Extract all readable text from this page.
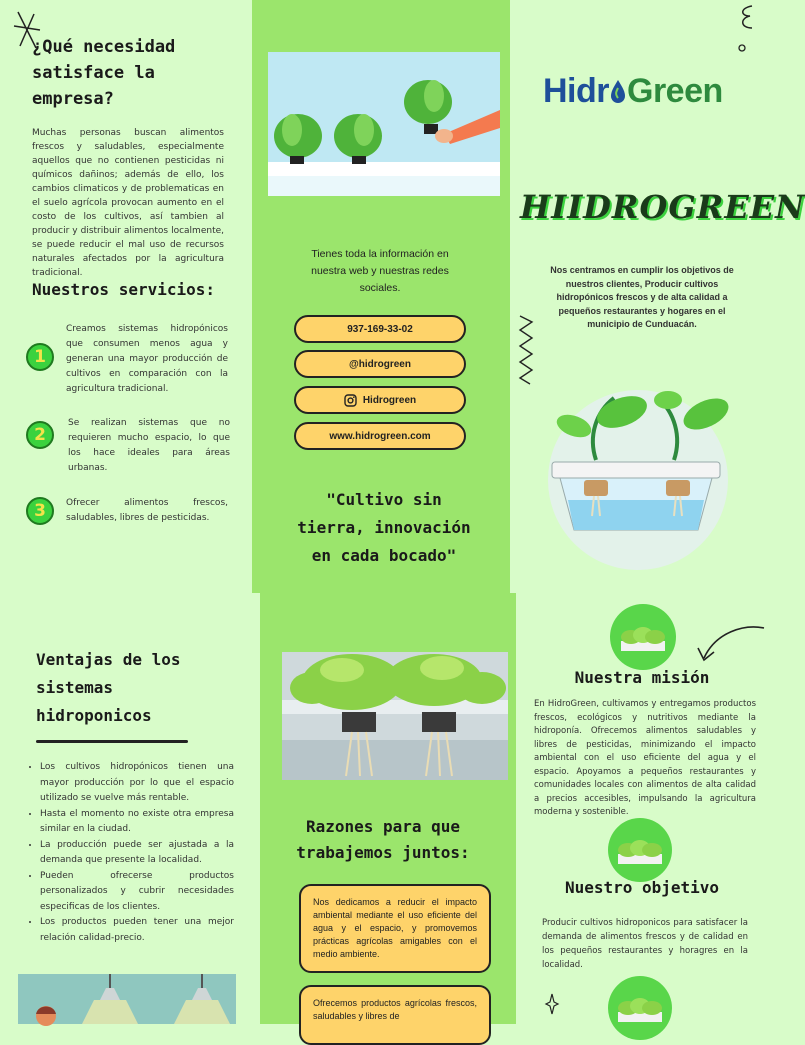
¿Qué necesidad satisface la empresa?
Muchas personas buscan alimentos frescos y saludables, especialmente aquellos que no contienen pesticidas ni químicos dañinos; además de ello, los cambios climaticos y de problematicas en el suelo agrícola provocan aumento en el costo de los cultivos, así tambien al producir y distribuir alimentos localmente, se puede reducir el mal uso de recursos naturales afectados por la agricultura tradicional.
Nuestros servicios:
1
Creamos sistemas hidropónicos que consumen menos agua y generan una mayor producción de cultivos en comparación con la agricultura tradicional.
2
Se realizan sistemas que no requieren mucho espacio, lo que los hace ideales para áreas urbanas.
3	Ofrecer alimentos frescos, saludables, libres de pesticidas.
Tienes toda la información en nuestra web y nuestras redes sociales.
937-169-33-02
@hidrogreen
Hidrogreen
www.hidrogreen.com
"Cultivo sin tierra, innovación en cada bocado"
Hidr Green
HIIDROGREEN
Nos centramos en cumplir los objetivos de nuestros clientes, Producir cultivos hidropónicos frescos y de alta calidad a pequeños restaurantes y hogares en el municipio de Cunduacán.
Ventajas de los sistemas hidroponicos
• Los cultivos hidropónicos tienen una mayor producción por lo que el espacio utilizado se vuelve más rentable.
• Hasta el momento no existe otra empresa similar en la ciudad.
• La producción puede ser ajustada a la demanda que presente la localidad.
• Pueden ofrecerse productos personalizados y cubrir necesidades especificas de los clientes.
• Los productos pueden tener una mejor relación calidad-precio.
Razones para que trabajemos juntos:
Nos dedicamos a reducir el impacto ambiental mediante el uso eficiente del agua y el espacio, y promovemos prácticas agrícolas amigables con el medio ambiente.
Ofrecemos productos agrícolas frescos, saludables y libres de
Nuestra misión
En HidroGreen, cultivamos y entregamos productos frescos, ecológicos y nutritivos mediante la hidroponía. Ofrecemos alimentos saludables y libres de pesticidas, minimizando el impacto ambiental con el uso eficiente del agua y el espacio. Apoyamos a pequeños restaurantes y comunidades locales con alimentos de alta calidad a precios accesibles, impulsando la agricultura moderna y sostenible.
Nuestro objetivo
Producir cultivos hidroponicos para satisfacer la demanda de alimentos frescos y de calidad en los pequeños restaurantes y horagres en la localidad.
